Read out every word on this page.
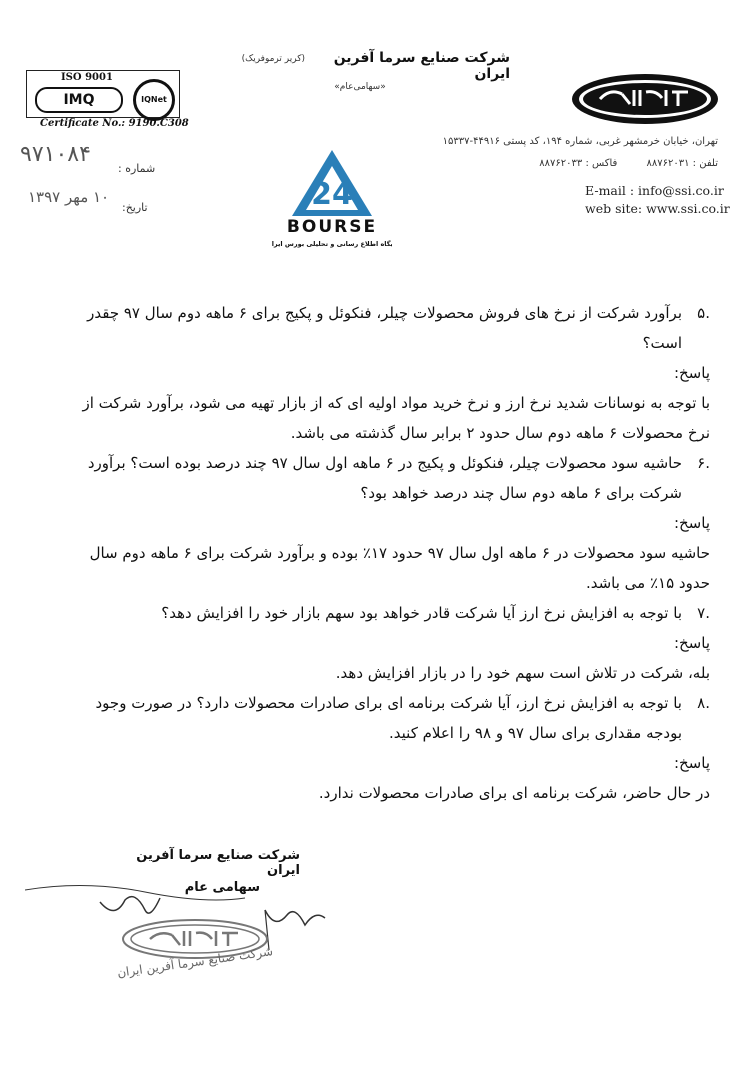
شرکت صنایع سرما آفرین ایران
(کریر ترموفریک)
«سهامی‌عام»
ISO 9001
IMQ	IQNet
Certificate No.: 9190.C308
تهران، خیابان خرمشهر غربی، شماره ۱۹۴، کد پستی ۴۴۹۱۶-۱۵۳۳۷
تلفن : ۸۸۷۶۲۰۳۱ فاکس : ۸۸۷۶۲۰۳۳
E-mail : info@ssi.co.ir
web site: www.ssi.co.ir
شماره :
۹۷۱۰۸۴
تاریخ:
۱۰ مهر ۱۳۹۷	24
BOURSE
پایگاه اطلاع رسانی و تحلیلی بورس ایران

.۵
برآورد شرکت از نرخ های فروش محصولات چیلر، فنکوئل و پکیج برای ۶ ماهه دوم سال ۹۷ چقدر است؟

پاسخ:

با توجه به نوسانات شدید نرخ ارز و نرخ خرید مواد اولیه ای که از بازار تهیه می شود، برآورد شرکت از نرخ محصولات ۶ ماهه دوم سال حدود ۲ برابر سال گذشته می باشد.

.۶
حاشیه سود محصولات چیلر، فنکوئل و پکیج در ۶ ماهه اول سال ۹۷ چند درصد بوده است؟ برآورد شرکت برای ۶ ماهه دوم سال چند درصد خواهد بود؟

پاسخ:

حاشیه سود محصولات در ۶ ماهه اول سال ۹۷ حدود ۱۷٪ بوده و برآورد شرکت برای ۶ ماهه دوم سال حدود ۱۵٪ می باشد.

.۷
با توجه به افزایش نرخ ارز آیا شرکت قادر خواهد بود سهم بازار خود را افزایش دهد؟

پاسخ:

بله، شرکت در تلاش است سهم خود را در بازار افزایش دهد.

.۸
با توجه به افزایش نرخ ارز، آیا شرکت برنامه ای برای صادرات محصولات دارد؟ در صورت وجود بودجه مقداری برای سال ۹۷ و ۹۸ را اعلام کنید.

پاسخ:

در حال حاضر، شرکت برنامه ای برای صادرات محصولات ندارد.

شرکت صنایع سرما آفرین ایران
سهامی عام
شرکت صنایع سرما آفرین ایران
